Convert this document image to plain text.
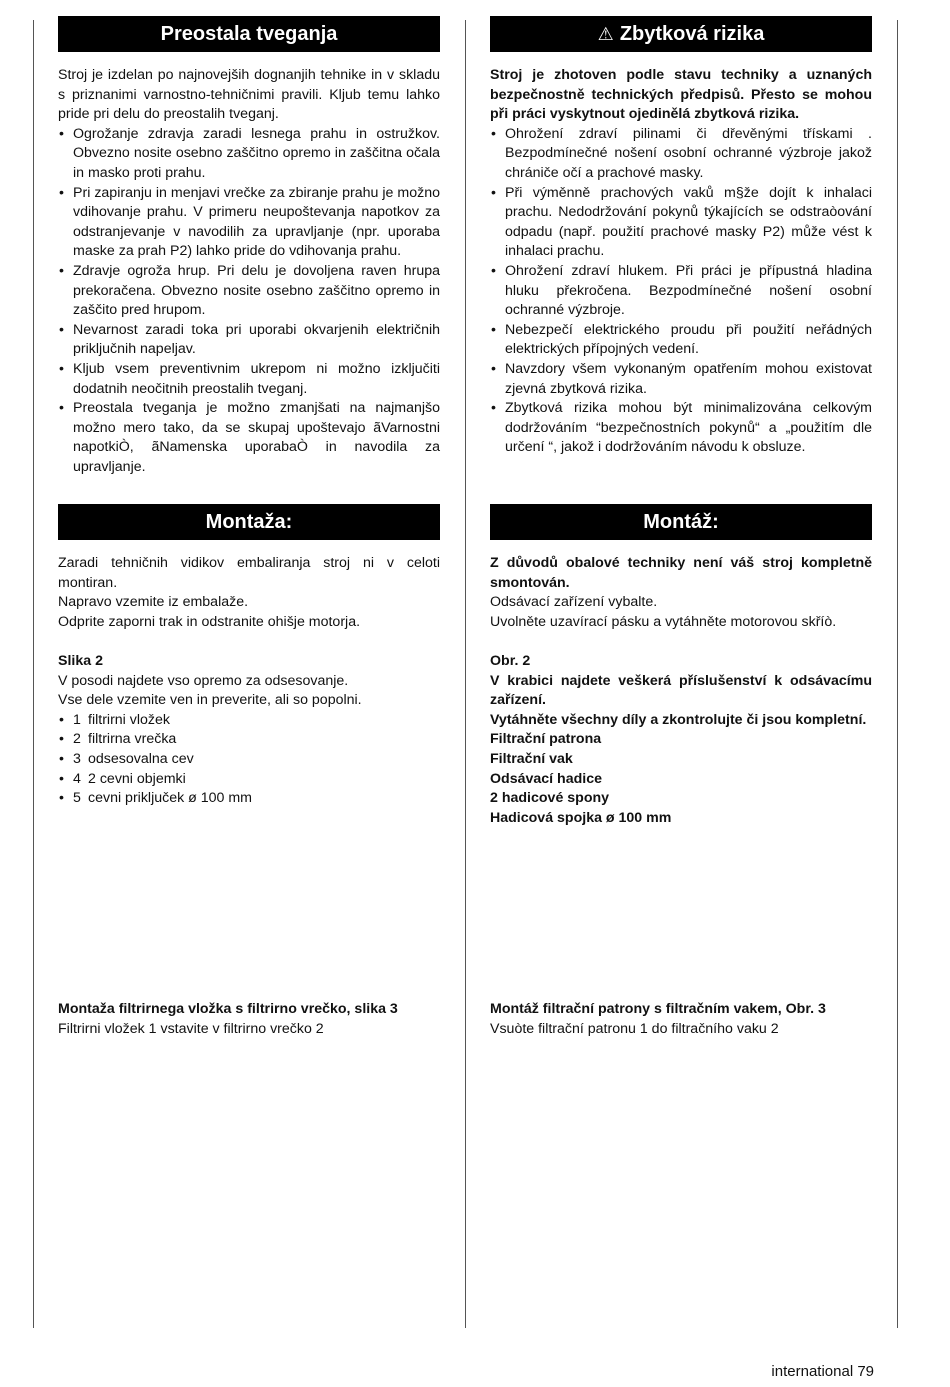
Preostala tveganja

Stroj je izdelan po najnovejših dognanjih tehnike in v skladu s priznanimi varnostno-tehničnimi pravili. Kljub temu lahko pride pri delu do preostalih tveganj.

• Ogrožanje zdravja zaradi lesnega prahu in ostružkov. Obvezno nosite osebno zaščitno opremo in zaščitna očala in masko proti prahu.
• Pri zapiranju in menjavi vrečke za zbiranje prahu je možno vdihovanje prahu. V primeru neupoštevanja napotkov za odstranjevanje v navodilih za upravljanje (npr. uporaba maske za prah P2) lahko pride do vdihovanja prahu.
• Zdravje ogroža hrup. Pri delu je dovoljena raven hrupa prekoračena. Obvezno nosite osebno zaščitno opremo in zaščito pred hrupom.
• Nevarnost zaradi toka pri uporabi okvarjenih električnih priključnih napeljav.
• Kljub vsem preventivnim ukrepom ni možno izključiti dodatnih neočitnih preostalih tveganj.
• Preostala tveganja je možno zmanjšati na najmanjšo možno mero tako, da se skupaj upoštevajo ãVarnostni napotkiÒ, ãNamenska uporabaÒ in navodila za upravljanje.
Montaža:

Zaradi tehničnih vidikov embaliranja stroj ni v celoti montiran.

Napravo vzemite iz embalaže.

Odprite zaporni trak in odstranite ohišje motorja.

Slika 2

V posodi najdete vso opremo za odsesovanje.

Vse dele vzemite ven in preverite, ali so popolni.

• 1 filtrirni vložek
• 2 filtrirna vrečka
• 3 odsesovalna cev
• 4 2 cevni objemki
• 5 cevni priključek ø 100 mm

Montaža filtrirnega vložka s filtrirno vrečko, slika 3

Filtrirni vložek 1 vstavite v filtrirno vrečko 2

⚠ Zbytková rizika

Stroj je zhotoven podle stavu techniky a uznaných bezpečnostně technických předpisů. Přesto se mohou při práci vyskytnout ojedinělá zbytková rizika.

• Ohrožení zdraví pilinami či dřevěnými třískami . Bezpodmínečné nošení osobní ochranné výzbroje jakož chrániče očí a prachové masky.
• Při výměnně prachových vaků m§že dojít k inhalaci prachu. Nedodržování pokynů týkajících se odstraòování odpadu (např. použití prachové masky P2) může vést k inhalaci prachu.
• Ohrožení zdraví hlukem. Při práci je přípustná hladina hluku překročena. Bezpodmínečné nošení osobní ochranné výzbroje.
• Nebezpečí elektrického proudu při použití neřádných elektrických přípojných vedení.
• Navzdory všem vykonaným opatřením mohou existovat zjevná zbytková rizika.
• Zbytková rizika mohou být minimalizována celkovým dodržováním “bezpečnostních pokynů“ a „použitím dle určení “, jakož i dodržováním návodu k obsluze.
Montáž:

Z důvodů obalové techniky není váš stroj kompletně smontován.

Odsávací zařízení vybalte.

Uvolněte uzavírací pásku a vytáhněte motorovou skříò.

Obr. 2

V krabici najdete veškerá příslušenství k odsávacímu zařízení.

Vytáhněte všechny díly a zkontrolujte či jsou kompletní.

Filtrační patrona

Filtrační vak

Odsávací hadice

2 hadicové spony

Hadicová spojka ø 100 mm

Montáž filtrační patrony s filtračním vakem, Obr. 3

Vsuòte filtrační patronu 1 do filtračního vaku 2

international 79
